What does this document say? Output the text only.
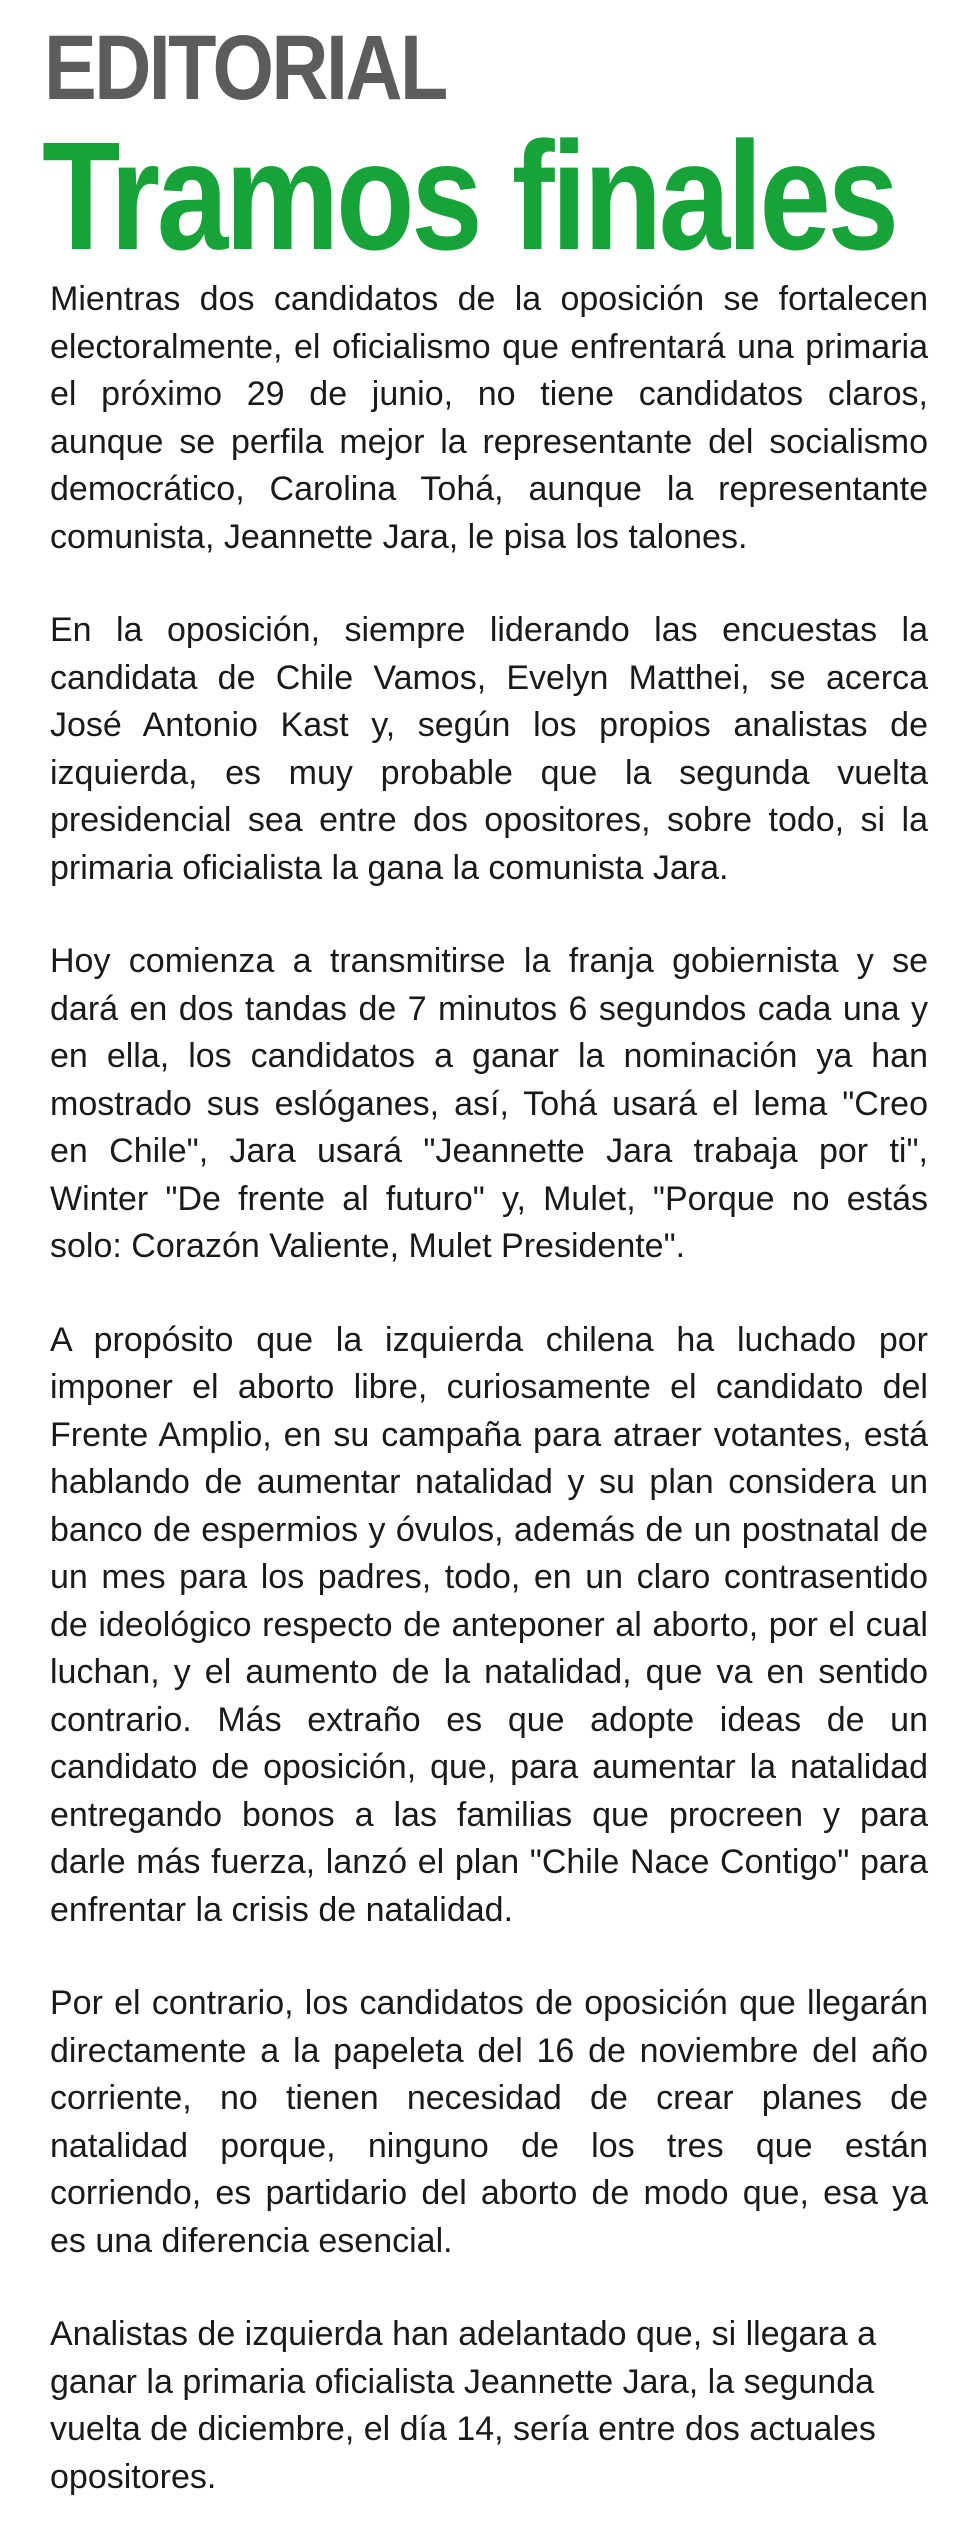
EDITORIAL
Tramos finales

Mientras dos candidatos de la oposición se fortalecen electoralmente, el oficialismo que enfrentará una primaria el próximo 29 de junio, no tiene candidatos claros, aunque se perfila mejor la representante del socialismo democrático, Carolina Tohá, aunque la representante comunista, Jeannette Jara, le pisa los talones.

En la oposición, siempre liderando las encuestas la candidata de Chile Vamos, Evelyn Matthei, se acerca José Antonio Kast y, según los propios analistas de izquierda, es muy probable que la segunda vuelta presidencial sea entre dos opositores, sobre todo, si la primaria oficialista la gana la comunista Jara.

Hoy comienza a transmitirse la franja gobiernista y se dará en dos tandas de 7 minutos 6 segundos cada una y en ella, los candidatos a ganar la nominación ya han mostrado sus eslóganes, así, Tohá usará el lema "Creo en Chile", Jara usará "Jeannette Jara trabaja por ti", Winter "De frente al futuro" y, Mulet, "Porque no estás solo: Corazón Valiente, Mulet Presidente".

A propósito que la izquierda chilena ha luchado por imponer el aborto libre, curiosamente el candidato del Frente Amplio, en su campaña para atraer votantes, está hablando de aumentar natalidad y su plan considera un banco de espermios y óvulos, además de un postnatal de un mes para los padres, todo, en un claro contrasentido de ideológico respecto de anteponer al aborto, por el cual luchan, y el aumento de la natalidad, que va en sentido contrario. Más extraño es que adopte ideas de un candidato de oposición, que, para aumentar la natalidad entregando bonos a las familias que procreen y para darle más fuerza, lanzó el plan "Chile Nace Contigo" para enfrentar la crisis de natalidad.

Por el contrario, los candidatos de oposición que llegarán directamente a la papeleta del 16 de noviembre del año corriente, no tienen necesidad de crear planes de natalidad porque, ninguno de los tres que están corriendo, es partidario del aborto de modo que, esa ya es una diferencia esencial.

Analistas de izquierda han adelantado que, si llegara a ganar la primaria oficialista Jeannette Jara, la segunda vuelta de diciembre, el día 14, sería entre dos actuales opositores.
